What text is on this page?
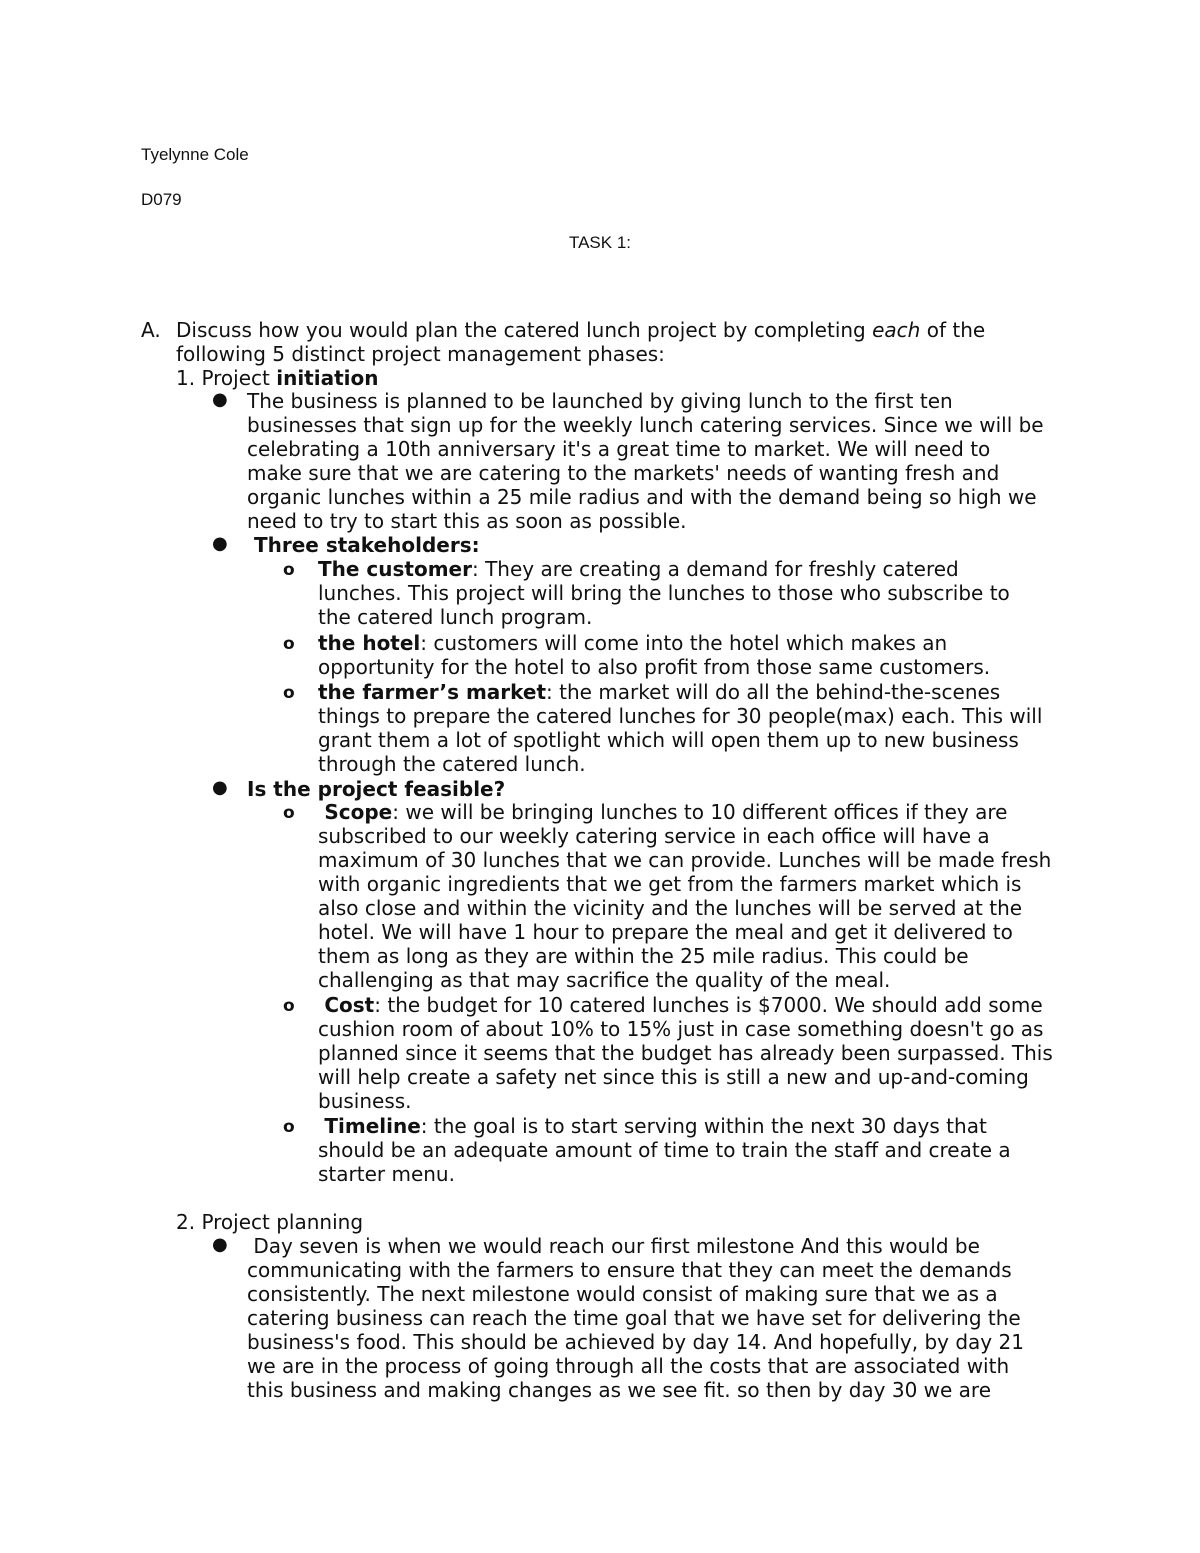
Tyelynne Cole
D079
TASK 1:
A. Discuss how you would plan the catered lunch project by completing each of the
following 5 distinct project management phases:
1. Project initiation
● The business is planned to be launched by giving lunch to the first ten businesses that sign up for the weekly lunch catering services. Since we will be celebrating a 10th anniversary it's a great time to market. We will need to make sure that we are catering to the markets' needs of wanting fresh and organic lunches within a 25 mile radius and with the demand being so high we need to try to start this as soon as possible.
● Three stakeholders:
o The customer: They are creating a demand for freshly catered lunches. This project will bring the lunches to those who subscribe to the catered lunch program.
o the hotel: customers will come into the hotel which makes an opportunity for the hotel to also profit from those same customers.
o the farmer’s market: the market will do all the behind-the-scenes things to prepare the catered lunches for 30 people(max) each. This will grant them a lot of spotlight which will open them up to new business through the catered lunch.
● Is the project feasible?
o	Scope: we will be bringing lunches to 10 different offices if they are subscribed to our weekly catering service in each office will have a maximum of 30 lunches that we can provide. Lunches will be made fresh with organic ingredients that we get from the farmers market which is also close and within the vicinity and the lunches will be served at the hotel. We will have 1 hour to prepare the meal and get it delivered to them as long as they are within the 25 mile radius. This could be challenging as that may sacrifice the quality of the meal.
o	Cost: the budget for 10 catered lunches is $7000. We should add some cushion room of about 10% to 15% just in case something doesn't go as planned since it seems that the budget has already been surpassed. This will help create a safety net since this is still a new and up-and-coming business.
o	Timeline: the goal is to start serving within the next 30 days that should be an adequate amount of time to train the staff and create a starter menu.
2. Project planning
●	Day seven is when we would reach our first milestone And this would be communicating with the farmers to ensure that they can meet the demands consistently. The next milestone would consist of making sure that we as a catering business can reach the time goal that we have set for delivering the business's food. This should be achieved by day 14. And hopefully, by day 21 we are in the process of going through all the costs that are associated with this business and making changes as we see fit. so then by day 30 we are
